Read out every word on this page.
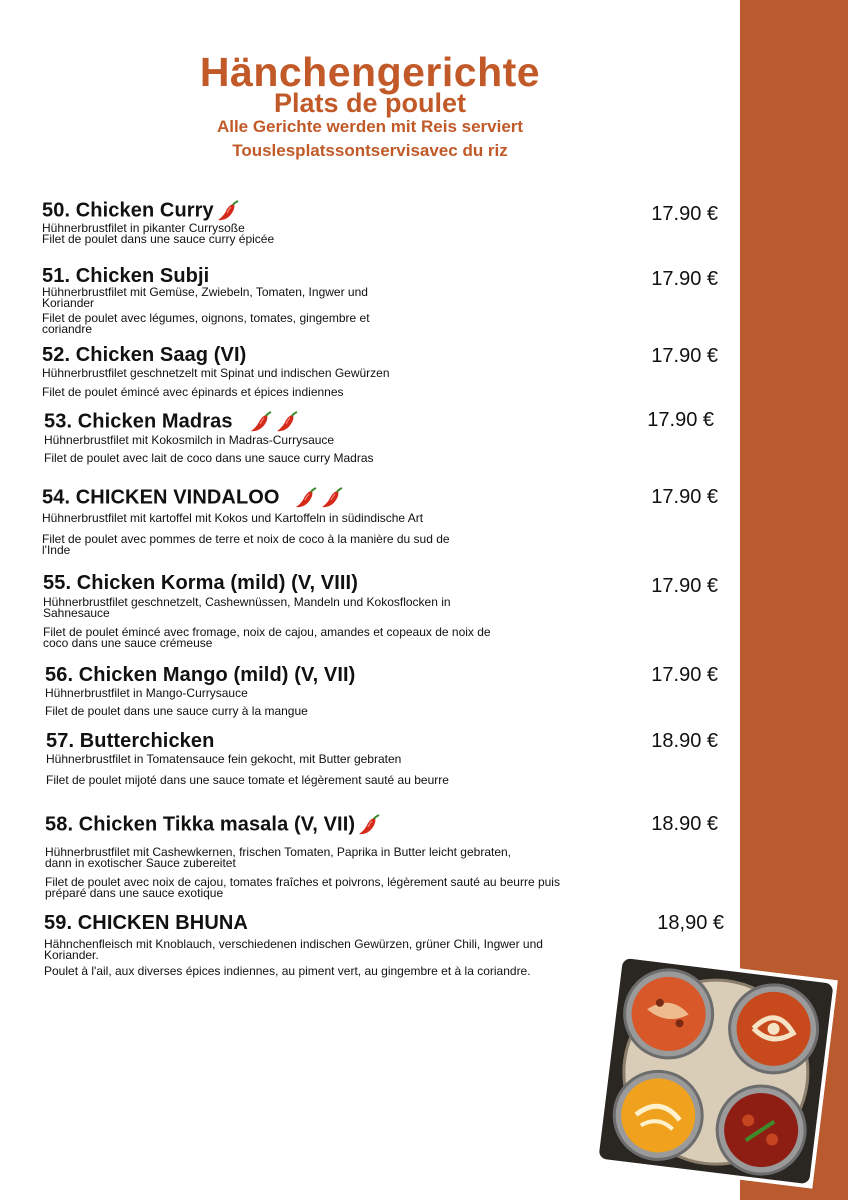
Hänchengerichte
Plats de poulet
Alle Gerichte werden mit Reis serviert
Touslesplatssontservisavec du riz
50. Chicken Curry
Hühnerbrustfilet in pikanter Currysoße
Filet de poulet dans une sauce curry épicée
17.90 €
51. Chicken Subji
Hühnerbrustfilet mit Gemüse, Zwiebeln, Tomaten, Ingwer und Koriander
Filet de poulet avec légumes, oignons, tomates, gingembre et coriandre
17.90 €
52. Chicken Saag (VI)
Hühnerbrustfilet geschnetzelt mit Spinat und indischen Gewürzen
Filet de poulet émincé avec épinards et épices indiennes
17.90 €
53. Chicken Madras
Hühnerbrustfilet mit Kokosmilch in Madras-Currysauce
Filet de poulet avec lait de coco dans une sauce curry Madras
17.90 €
54. CHICKEN VINDALOO
Hühnerbrustfilet mit kartoffel mit Kokos und Kartoffeln in südindische Art
Filet de poulet avec pommes de terre et noix de coco à la manière du sud de l'Inde
17.90 €
55. Chicken Korma (mild) (V, VIII)
Hühnerbrustfilet geschnetzelt, Cashewnüssen, Mandeln und Kokosflocken in Sahnesauce
Filet de poulet émincé avec fromage, noix de cajou, amandes et copeaux de noix de coco dans une sauce crémeuse
17.90 €
56. Chicken Mango (mild) (V, VII)
Hühnerbrustfilet in Mango-Currysauce
Filet de poulet dans une sauce curry à la mangue
17.90 €
57. Butterchicken
Hühnerbrustfilet in Tomatensauce fein gekocht, mit Butter gebraten
Filet de poulet mijoté dans une sauce tomate et légèrement sauté au beurre
18.90 €
58. Chicken Tikka masala (V, VII)
Hühnerbrustfilet mit Cashewkernen, frischen Tomaten, Paprika in Butter leicht gebraten, dann in exotischer Sauce zubereitet
Filet de poulet avec noix de cajou, tomates fraîches et poivrons, légèrement sauté au beurre puis préparé dans une sauce exotique
18.90 €
59. CHICKEN BHUNA
Hähnchenfleisch mit Knoblauch, verschiedenen indischen Gewürzen, grüner Chili, Ingwer und Koriander.
Poulet à l'ail, aux diverses épices indiennes, au piment vert, au gingembre et à la coriandre.
18,90 €
